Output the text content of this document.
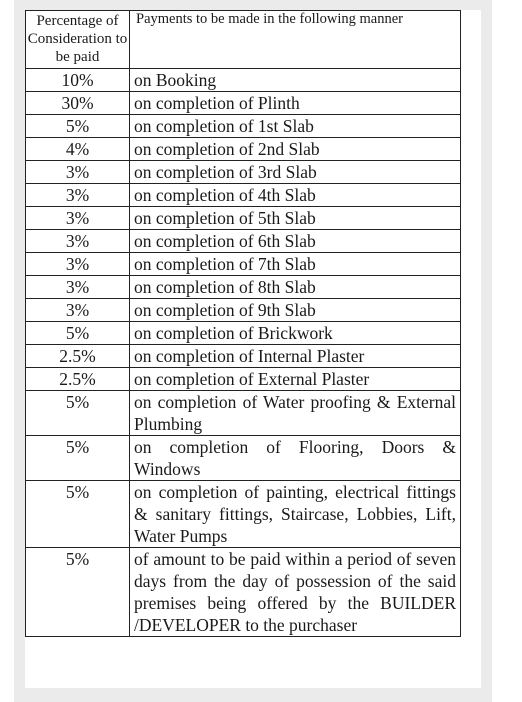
Percentage of Consideration to be paid	Payments to be made in the following manner
10%	on Booking
30%	on completion of Plinth
5%	on completion of 1st Slab
4%	on completion of 2nd Slab
3%	on completion of 3rd Slab
3%	on completion of 4th Slab
3%	on completion of 5th Slab
3%	on completion of 6th Slab
3%	on completion of 7th Slab
3%	on completion of 8th Slab
3%	on completion of 9th Slab
5%	on completion of Brickwork
2.5%	on completion of Internal Plaster
2.5%	on completion of External Plaster
5%	on completion of Water proofing & External Plumbing
5%	on completion of Flooring, Doors & Windows
5%	on completion of painting, electrical fittings & sanitary fittings, Staircase, Lobbies, Lift, Water Pumps
5%	of amount to be paid within a period of seven days from the day of possession of the said premises being offered by the BUILDER /DEVELOPER to the purchaser
